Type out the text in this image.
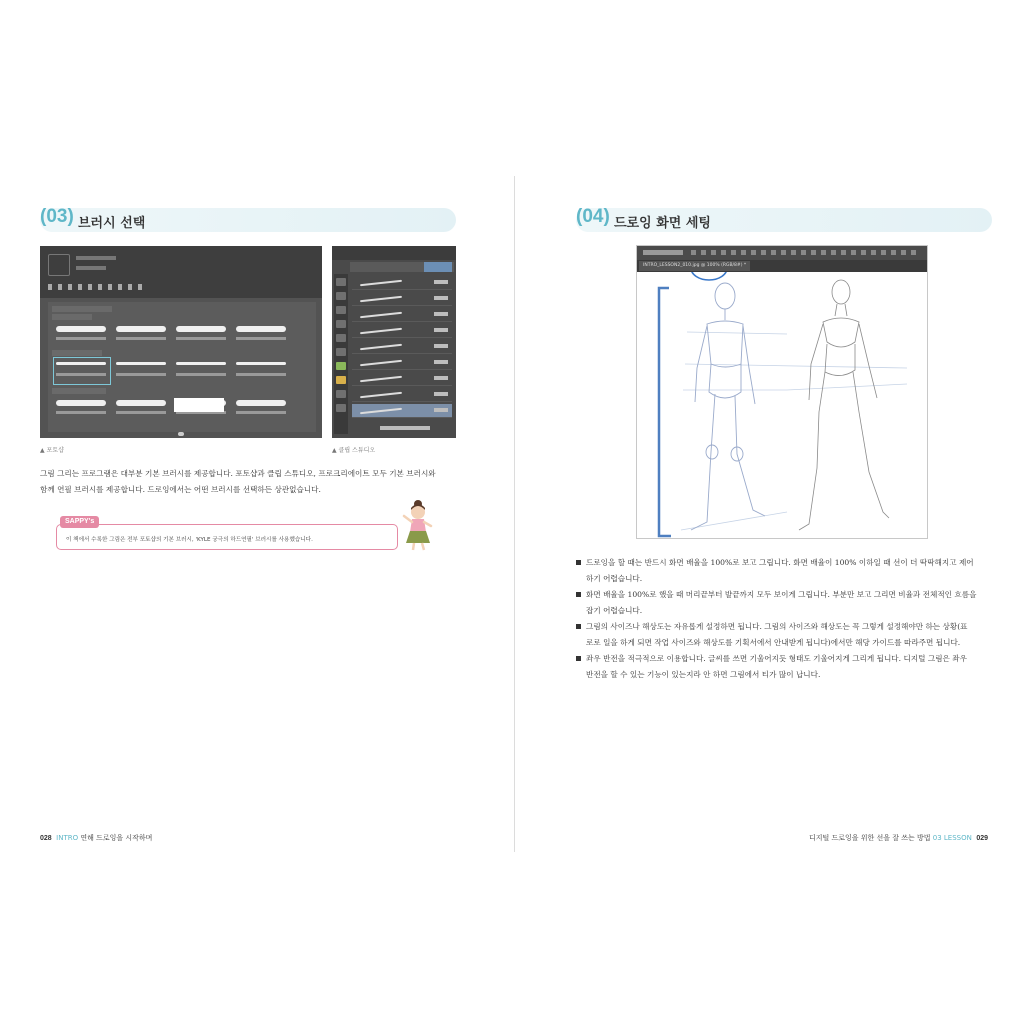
(03) 브러시 선택
▲ 포토샵	▲ 클립 스튜디오
그림 그리는 프로그램은 대부분 기본 브러시를 제공합니다. 포토샵과 클립 스튜디오, 프로크리에이트 모두 기본 브러시와
함께 연필 브러시를 제공합니다. 드로잉에서는 어떤 브러시를 선택하든 상관없습니다.
SAPPY's
이 책에서 수록한 그림은 전부 포토샵의 기본 브러시, 'KYLE 궁극의 하드연필' 브러시를 사용했습니다.
028 INTRO 연해 드로잉을 시작하며
(04) 드로잉 화면 세팅
INTRO_LESSON2_010.jpg @ 100% (RGB/8#) *
드로잉을 할 때는 반드시 화면 배율을 100%로 보고 그립니다. 화면 배율이 100% 이하일 때 선이 더 딱딱해지고 제어
하기 어렵습니다.
화면 배율을 100%로 했을 때 머리끝부터 발끝까지 모두 보이게 그립니다. 부분만 보고 그리면 비율과 전체적인 흐름을
잡기 어렵습니다.
그림의 사이즈나 해상도는 자유롭게 설정하면 됩니다. 그림의 사이즈와 해상도는 꼭 그렇게 설정해야만 하는 상황(표
로로 일을 하게 되면 작업 사이즈와 해상도를 기획서에서 안내받게 됩니다)에서만 해당 가이드를 따라주면 됩니다.
좌우 반전을 적극적으로 이용합니다. 글씨를 쓰면 기울어지듯 형태도 기울어지게 그리게 됩니다. 디지털 그림은 좌우
반전을 할 수 있는 기능이 있는지라 안 하면 그림에서 티가 많이 납니다.
디지털 드로잉을 위한 선을 잘 쓰는 방법 03 LESSON 029
